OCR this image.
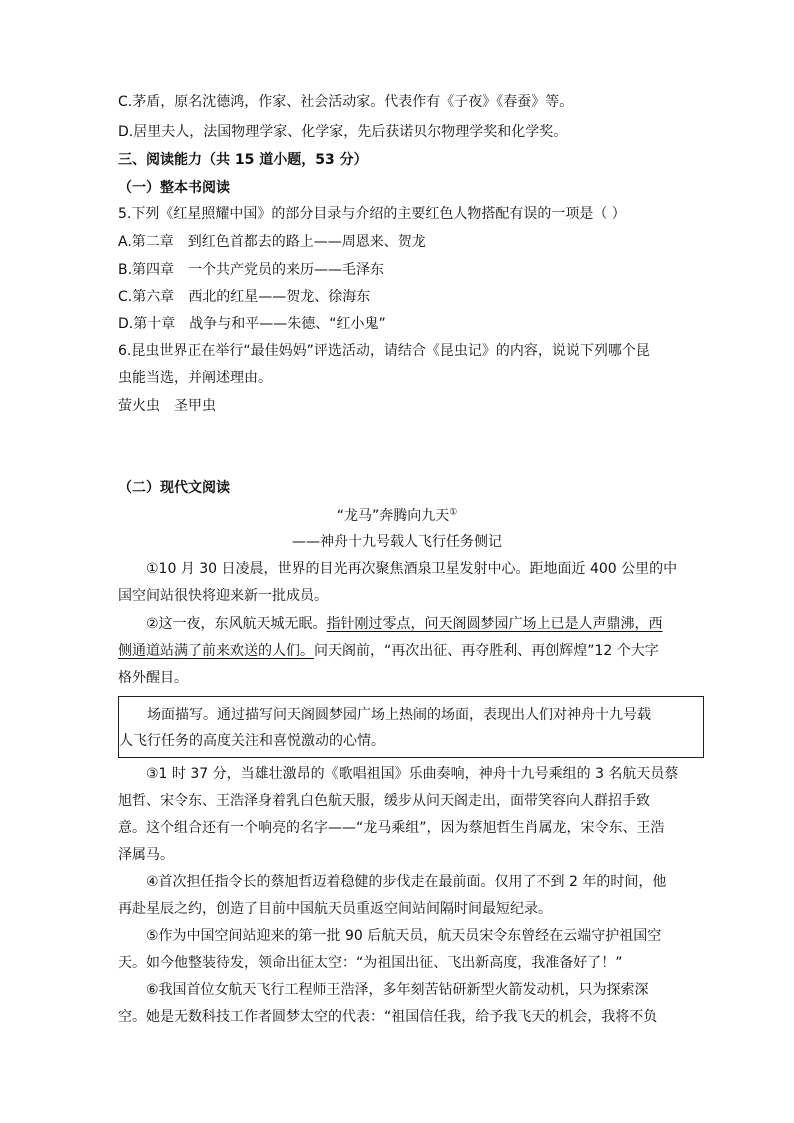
C.茅盾，原名沈德鸿，作家、社会活动家。代表作有《子夜》《春蚕》等。
D.居里夫人，法国物理学家、化学家，先后获诺贝尔物理学奖和化学奖。
三、阅读能力（共 15 道小题，53 分）
（一）整本书阅读
5.下列《红星照耀中国》的部分目录与介绍的主要红色人物搭配有误的一项是（ ）
A.第二章　到红色首都去的路上——周恩来、贺龙
B.第四章　一个共产党员的来历——毛泽东
C.第六章　西北的红星——贺龙、徐海东
D.第十章　战争与和平——朱德、“红小鬼”
6.昆虫世界正在举行“最佳妈妈”评选活动，请结合《昆虫记》的内容，说说下列哪个昆
虫能当选，并阐述理由。
萤火虫　圣甲虫
（二）现代文阅读
“龙马”奔腾向九天①
——神舟十九号载人飞行任务侧记
①10 月 30 日凌晨，世界的目光再次聚焦酒泉卫星发射中心。距地面近 400 公里的中
国空间站很快将迎来新一批成员。
②这一夜，东风航天城无眠。指针刚过零点，问天阁圆梦园广场上已是人声鼎沸，西
侧通道站满了前来欢送的人们。问天阁前，“再次出征、再夺胜利、再创辉煌”12 个大字
格外醒目。
场面描写。通过描写问天阁圆梦园广场上热闹的场面，表现出人们对神舟十九号载
人飞行任务的高度关注和喜悦激动的心情。
③1 时 37 分，当雄壮激昂的《歌唱祖国》乐曲奏响，神舟十九号乘组的 3 名航天员蔡
旭哲、宋令东、王浩泽身着乳白色航天服，缓步从问天阁走出，面带笑容向人群招手致
意。这个组合还有一个响亮的名字——“龙马乘组”，因为蔡旭哲生肖属龙，宋令东、王浩
泽属马。
④首次担任指令长的蔡旭哲迈着稳健的步伐走在最前面。仅用了不到 2 年的时间，他
再赴星辰之约，创造了目前中国航天员重返空间站间隔时间最短纪录。
⑤作为中国空间站迎来的第一批 90 后航天员，航天员宋令东曾经在云端守护祖国空
天。如今他整装待发，领命出征太空：“为祖国出征、飞出新高度，我准备好了！”
⑥我国首位女航天飞行工程师王浩泽，多年刻苦钻研新型火箭发动机，只为探索深
空。她是无数科技工作者圆梦太空的代表：“祖国信任我，给予我飞天的机会，我将不负
